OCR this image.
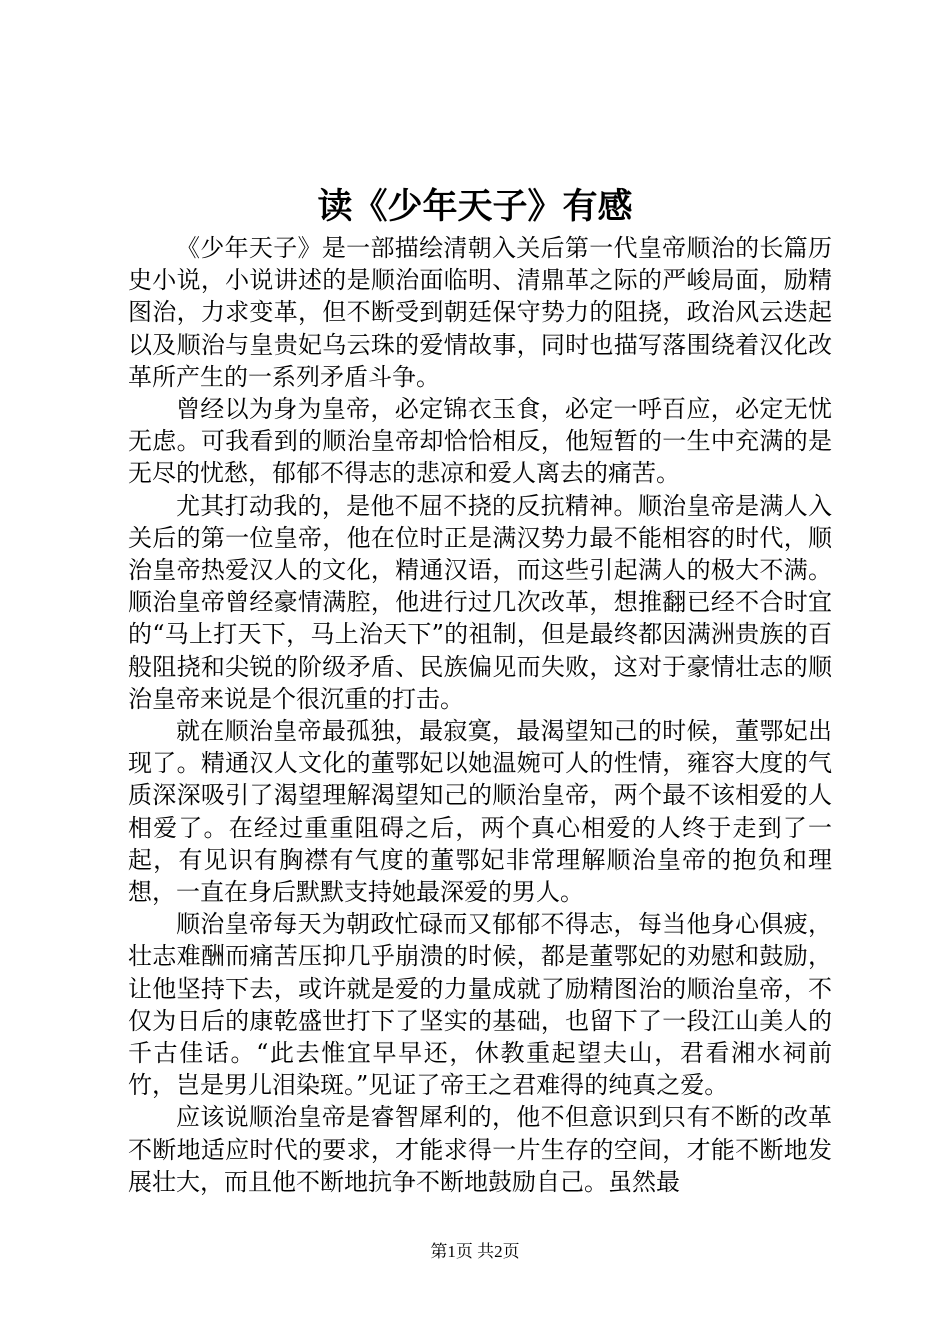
读《少年天子》有感

《少年天子》是一部描绘清朝入关后第一代皇帝顺治的长篇历史小说，小说讲述的是顺治面临明、清鼎革之际的严峻局面，励精图治，力求变革，但不断受到朝廷保守势力的阻挠，政治风云迭起以及顺治与皇贵妃乌云珠的爱情故事，同时也描写落围绕着汉化改革所产生的一系列矛盾斗争。

曾经以为身为皇帝，必定锦衣玉食，必定一呼百应，必定无忧无虑。可我看到的顺治皇帝却恰恰相反，他短暂的一生中充满的是无尽的忧愁，郁郁不得志的悲凉和爱人离去的痛苦。

尤其打动我的，是他不屈不挠的反抗精神。顺治皇帝是满人入关后的第一位皇帝，他在位时正是满汉势力最不能相容的时代，顺治皇帝热爱汉人的文化，精通汉语，而这些引起满人的极大不满。顺治皇帝曾经豪情满腔，他进行过几次改革，想推翻已经不合时宜的“马上打天下，马上治天下”的祖制，但是最终都因满洲贵族的百般阻挠和尖锐的阶级矛盾、民族偏见而失败，这对于豪情壮志的顺治皇帝来说是个很沉重的打击。

就在顺治皇帝最孤独，最寂寞，最渴望知己的时候，董鄂妃出现了。精通汉人文化的董鄂妃以她温婉可人的性情，雍容大度的气质深深吸引了渴望理解渴望知己的顺治皇帝，两个最不该相爱的人相爱了。在经过重重阻碍之后，两个真心相爱的人终于走到了一起，有见识有胸襟有气度的董鄂妃非常理解顺治皇帝的抱负和理想，一直在身后默默支持她最深爱的男人。

顺治皇帝每天为朝政忙碌而又郁郁不得志，每当他身心俱疲，壮志难酬而痛苦压抑几乎崩溃的时候，都是董鄂妃的劝慰和鼓励，让他坚持下去，或许就是爱的力量成就了励精图治的顺治皇帝，不仅为日后的康乾盛世打下了坚实的基础，也留下了一段江山美人的千古佳话。“此去惟宜早早还，休教重起望夫山，君看湘水祠前竹，岂是男儿泪染斑。”见证了帝王之君难得的纯真之爱。

应该说顺治皇帝是睿智犀利的，他不但意识到只有不断的改革不断地适应时代的要求，才能求得一片生存的空间，才能不断地发展壮大，而且他不断地抗争不断地鼓励自己。虽然最

第1页 共2页
